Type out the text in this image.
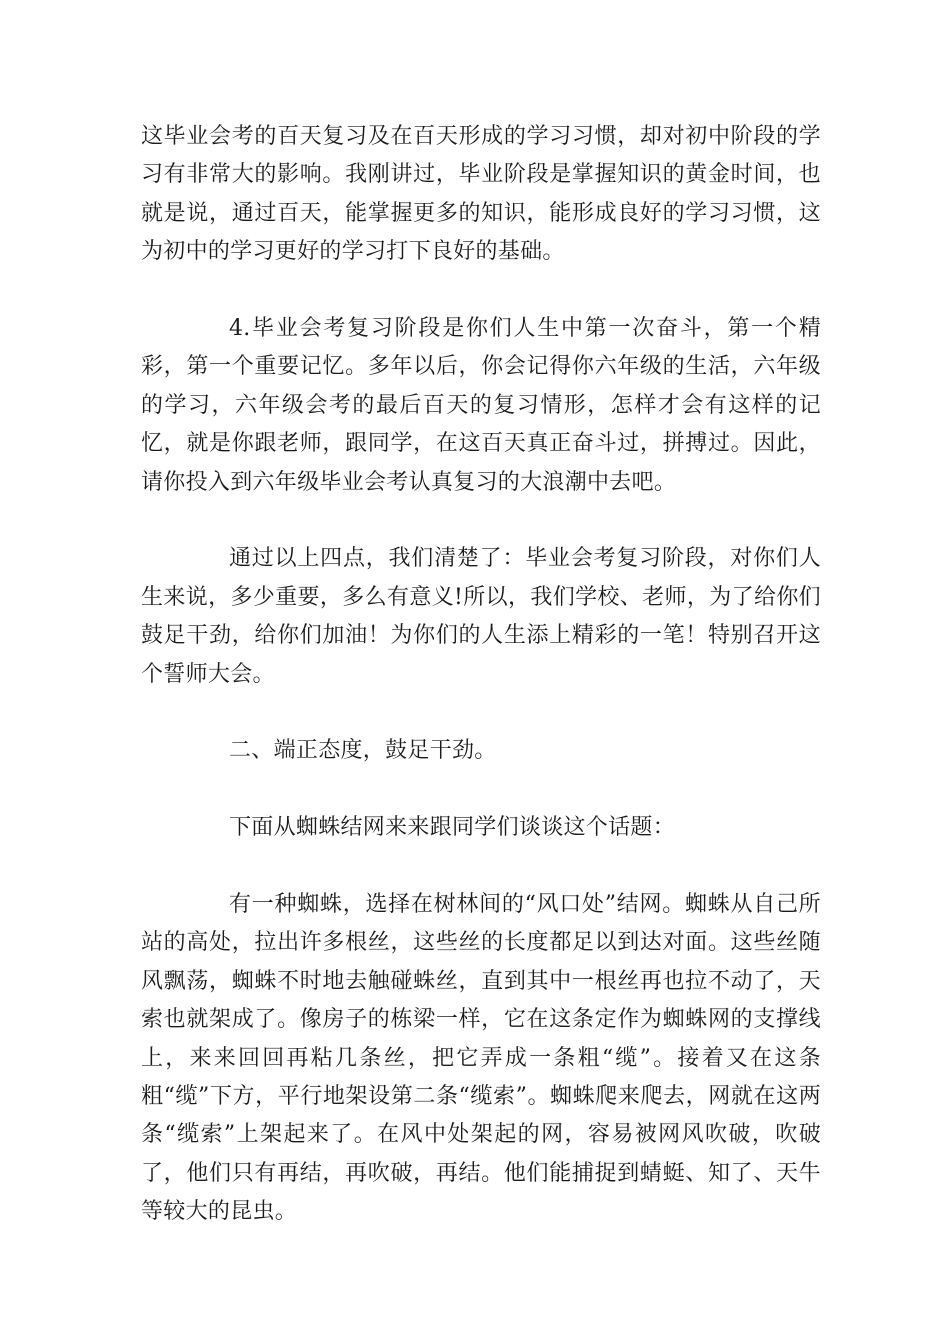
这毕业会考的百天复习及在百天形成的学习习惯，却对初中阶段的学习有非常大的影响。我刚讲过，毕业阶段是掌握知识的黄金时间，也就是说，通过百天，能掌握更多的知识，能形成良好的学习习惯，这为初中的学习更好的学习打下良好的基础。

4.毕业会考复习阶段是你们人生中第一次奋斗，第一个精彩，第一个重要记忆。多年以后，你会记得你六年级的生活，六年级的学习，六年级会考的最后百天的复习情形，怎样才会有这样的记忆，就是你跟老师，跟同学，在这百天真正奋斗过，拼搏过。因此，请你投入到六年级毕业会考认真复习的大浪潮中去吧。

通过以上四点，我们清楚了：毕业会考复习阶段，对你们人生来说，多少重要，多么有意义!所以，我们学校、老师，为了给你们鼓足干劲，给你们加油！为你们的人生添上精彩的一笔！特别召开这个誓师大会。

二、端正态度，鼓足干劲。

下面从蜘蛛结网来来跟同学们谈谈这个话题：

有一种蜘蛛，选择在树林间的“风口处”结网。蜘蛛从自己所站的高处，拉出许多根丝，这些丝的长度都足以到达对面。这些丝随风飘荡，蜘蛛不时地去触碰蛛丝，直到其中一根丝再也拉不动了，天索也就架成了。像房子的栋梁一样，它在这条定作为蜘蛛网的支撑线上，来来回回再粘几条丝，把它弄成一条粗“缆”。接着又在这条粗“缆”下方，平行地架设第二条“缆索”。蜘蛛爬来爬去，网就在这两条“缆索”上架起来了。在风中处架起的网，容易被网风吹破，吹破了，他们只有再结，再吹破，再结。他们能捕捉到蜻蜓、知了、天牛等较大的昆虫。
